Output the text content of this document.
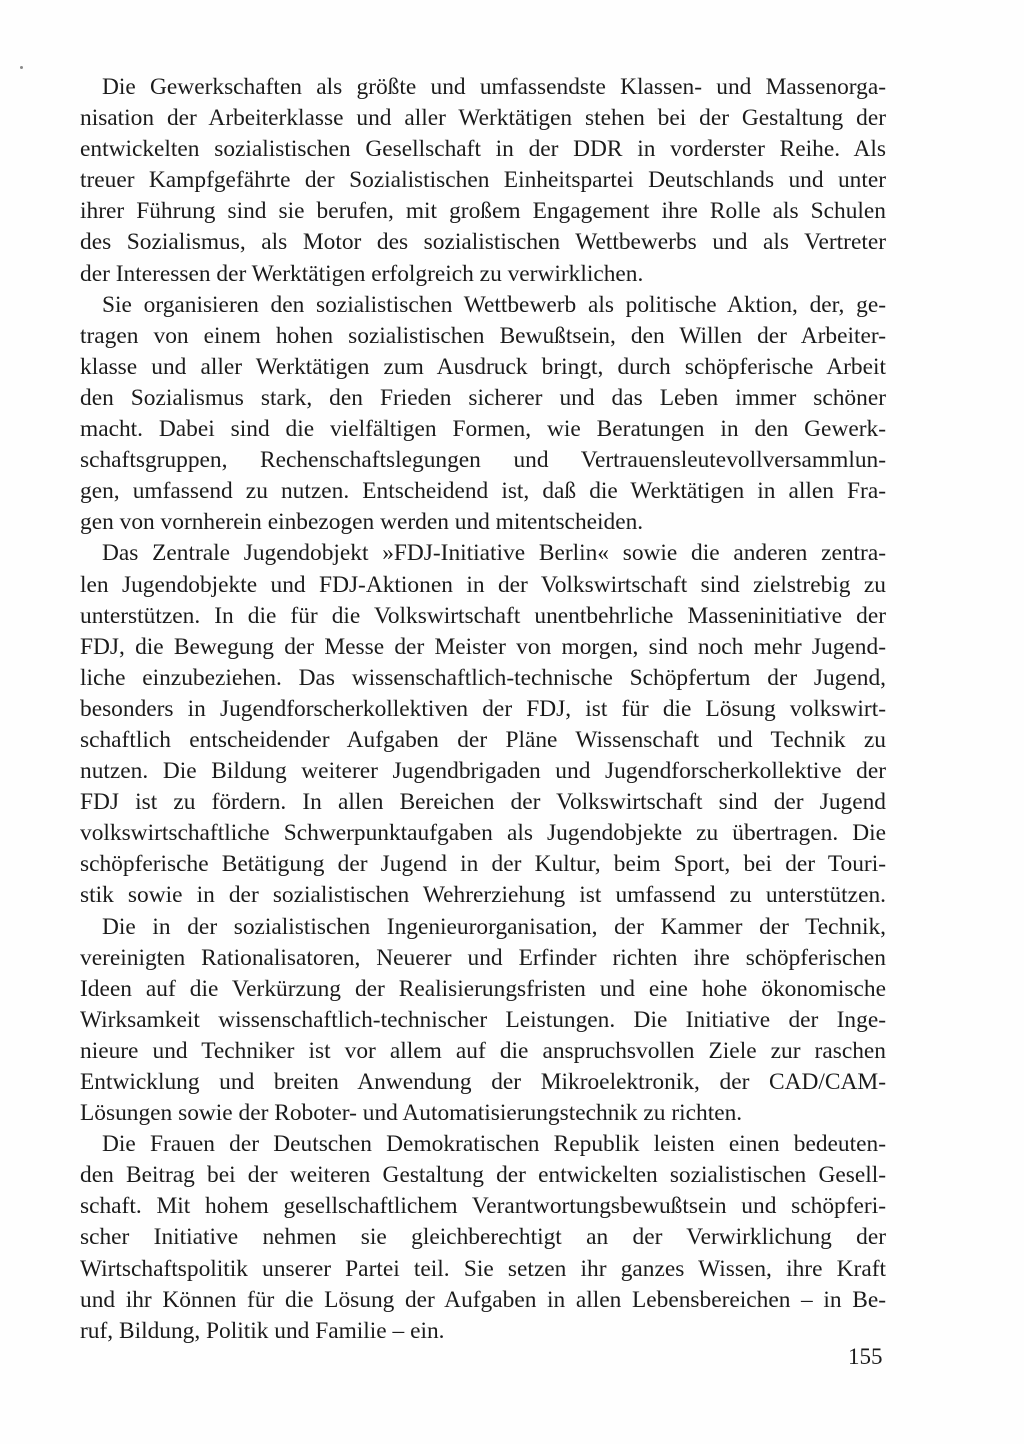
Die Gewerkschaften als größte und umfassendste Klassen- und Massenorga-
nisation der Arbeiterklasse und aller Werktätigen stehen bei der Gestaltung der
entwickelten sozialistischen Gesellschaft in der DDR in vorderster Reihe. Als
treuer Kampfgefährte der Sozialistischen Einheitspartei Deutschlands und unter
ihrer Führung sind sie berufen, mit großem Engagement ihre Rolle als Schulen
des Sozialismus, als Motor des sozialistischen Wettbewerbs und als Vertreter
der Interessen der Werktätigen erfolgreich zu verwirklichen.

Sie organisieren den sozialistischen Wettbewerb als politische Aktion, der, ge-
tragen von einem hohen sozialistischen Bewußtsein, den Willen der Arbeiter-
klasse und aller Werktätigen zum Ausdruck bringt, durch schöpferische Arbeit
den Sozialismus stark, den Frieden sicherer und das Leben immer schöner
macht. Dabei sind die vielfältigen Formen, wie Beratungen in den Gewerk-
schaftsgruppen, Rechenschaftslegungen und Vertrauensleutevollversammlun-
gen, umfassend zu nutzen. Entscheidend ist, daß die Werktätigen in allen Fra-
gen von vornherein einbezogen werden und mitentscheiden.

Das Zentrale Jugendobjekt »FDJ-Initiative Berlin« sowie die anderen zentra-
len Jugendobjekte und FDJ-Aktionen in der Volkswirtschaft sind zielstrebig zu
unterstützen. In die für die Volkswirtschaft unentbehrliche Masseninitiative der
FDJ, die Bewegung der Messe der Meister von morgen, sind noch mehr Jugend-
liche einzubeziehen. Das wissenschaftlich-technische Schöpfertum der Jugend,
besonders in Jugendforscherkollektiven der FDJ, ist für die Lösung volkswirt-
schaftlich entscheidender Aufgaben der Pläne Wissenschaft und Technik zu
nutzen. Die Bildung weiterer Jugendbrigaden und Jugendforscherkollektive der
FDJ ist zu fördern. In allen Bereichen der Volkswirtschaft sind der Jugend
volkswirtschaftliche Schwerpunktaufgaben als Jugendobjekte zu übertragen. Die
schöpferische Betätigung der Jugend in der Kultur, beim Sport, bei der Touri-
stik sowie in der sozialistischen Wehrerziehung ist umfassend zu unterstützen.

Die in der sozialistischen Ingenieurorganisation, der Kammer der Technik,
vereinigten Rationalisatoren, Neuerer und Erfinder richten ihre schöpferischen
Ideen auf die Verkürzung der Realisierungsfristen und eine hohe ökonomische
Wirksamkeit wissenschaftlich-technischer Leistungen. Die Initiative der Inge-
nieure und Techniker ist vor allem auf die anspruchsvollen Ziele zur raschen
Entwicklung und breiten Anwendung der Mikroelektronik, der CAD/CAM-
Lösungen sowie der Roboter- und Automatisierungstechnik zu richten.

Die Frauen der Deutschen Demokratischen Republik leisten einen bedeuten-
den Beitrag bei der weiteren Gestaltung der entwickelten sozialistischen Gesell-
schaft. Mit hohem gesellschaftlichem Verantwortungsbewußtsein und schöpferi-
scher Initiative nehmen sie gleichberechtigt an der Verwirklichung der
Wirtschaftspolitik unserer Partei teil. Sie setzen ihr ganzes Wissen, ihre Kraft
und ihr Können für die Lösung der Aufgaben in allen Lebensbereichen – in Be-
ruf, Bildung, Politik und Familie – ein.

155
